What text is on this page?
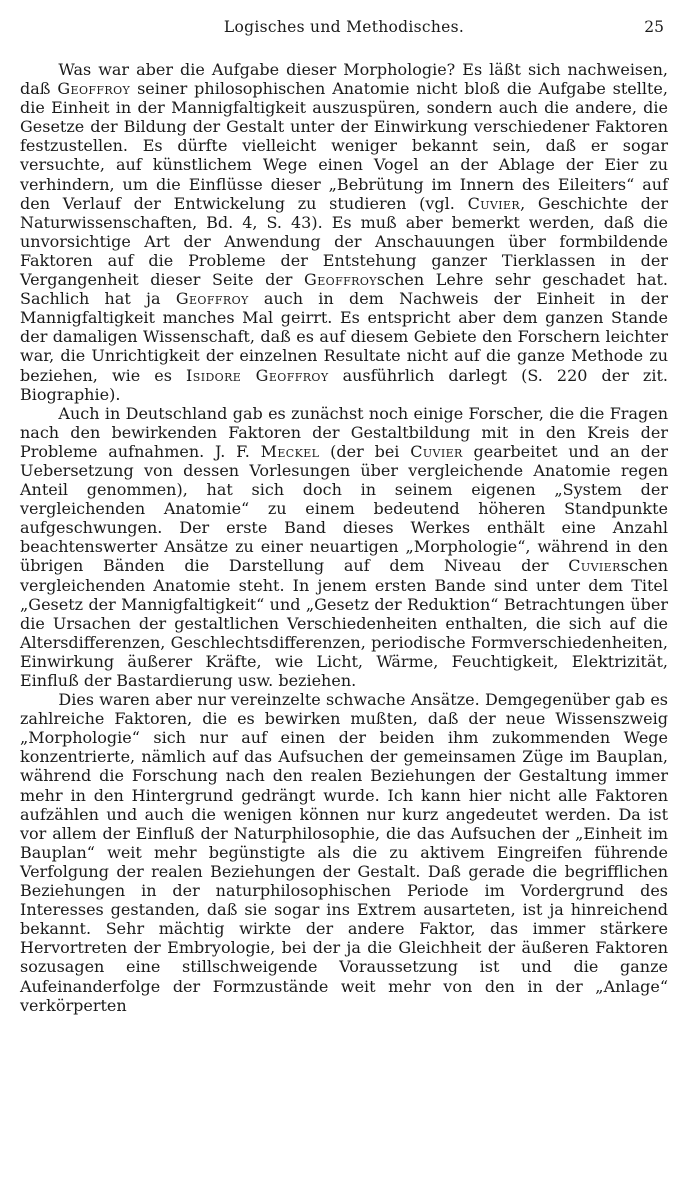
Logisches und Methodisches.	25

Was war aber die Aufgabe dieser Morphologie? Es läßt sich nachweisen, daß Geoffroy seiner philosophischen Anatomie nicht bloß die Aufgabe stellte, die Einheit in der Mannigfaltigkeit auszuspüren, sondern auch die andere, die Gesetze der Bildung der Gestalt unter der Einwirkung verschiedener Faktoren festzustellen. Es dürfte vielleicht weniger bekannt sein, daß er sogar versuchte, auf künstlichem Wege einen Vogel an der Ablage der Eier zu verhindern, um die Einflüsse dieser „Bebrütung im Innern des Eileiters“ auf den Verlauf der Entwickelung zu studieren (vgl. Cuvier, Geschichte der Naturwissenschaften, Bd. 4, S. 43). Es muß aber bemerkt werden, daß die unvorsichtige Art der Anwendung der Anschauungen über formbildende Faktoren auf die Probleme der Entstehung ganzer Tierklassen in der Vergangenheit dieser Seite der Geoffroyschen Lehre sehr geschadet hat. Sachlich hat ja Geoffroy auch in dem Nachweis der Einheit in der Mannigfaltigkeit manches Mal geirrt. Es entspricht aber dem ganzen Stande der damaligen Wissenschaft, daß es auf diesem Gebiete den Forschern leichter war, die Unrichtigkeit der einzelnen Resultate nicht auf die ganze Methode zu beziehen, wie es Isidore Geoffroy ausführlich darlegt (S. 220 der zit. Biographie).

Auch in Deutschland gab es zunächst noch einige Forscher, die die Fragen nach den bewirkenden Faktoren der Gestaltbildung mit in den Kreis der Probleme aufnahmen. J. F. Meckel (der bei Cuvier gearbeitet und an der Uebersetzung von dessen Vorlesungen über vergleichende Anatomie regen Anteil genommen), hat sich doch in seinem eigenen „System der vergleichenden Anatomie“ zu einem bedeutend höheren Standpunkte aufgeschwungen. Der erste Band dieses Werkes enthält eine Anzahl beachtenswerter Ansätze zu einer neuartigen „Morphologie“, während in den übrigen Bänden die Darstellung auf dem Niveau der Cuvierschen vergleichenden Anatomie steht. In jenem ersten Bande sind unter dem Titel „Gesetz der Mannigfaltigkeit“ und „Gesetz der Reduktion“ Betrachtungen über die Ursachen der gestaltlichen Verschiedenheiten enthalten, die sich auf die Altersdifferenzen, Geschlechtsdifferenzen, periodische Formverschiedenheiten, Einwirkung äußerer Kräfte, wie Licht, Wärme, Feuchtigkeit, Elektrizität, Einfluß der Bastardierung usw. beziehen.

Dies waren aber nur vereinzelte schwache Ansätze. Demgegenüber gab es zahlreiche Faktoren, die es bewirken mußten, daß der neue Wissenszweig „Morphologie“ sich nur auf einen der beiden ihm zukommenden Wege konzentrierte, nämlich auf das Aufsuchen der gemeinsamen Züge im Bauplan, während die Forschung nach den realen Beziehungen der Gestaltung immer mehr in den Hintergrund gedrängt wurde. Ich kann hier nicht alle Faktoren aufzählen und auch die wenigen können nur kurz angedeutet werden. Da ist vor allem der Einfluß der Naturphilosophie, die das Aufsuchen der „Einheit im Bauplan“ weit mehr begünstigte als die zu aktivem Eingreifen führende Verfolgung der realen Beziehungen der Gestalt. Daß gerade die begrifflichen Beziehungen in der naturphilosophischen Periode im Vordergrund des Interesses gestanden, daß sie sogar ins Extrem ausarteten, ist ja hinreichend bekannt. Sehr mächtig wirkte der andere Faktor, das immer stärkere Hervortreten der Embryologie, bei der ja die Gleichheit der äußeren Faktoren sozusagen eine stillschweigende Voraussetzung ist und die ganze Aufeinanderfolge der Formzustände weit mehr von den in der „Anlage“ verkörperten
